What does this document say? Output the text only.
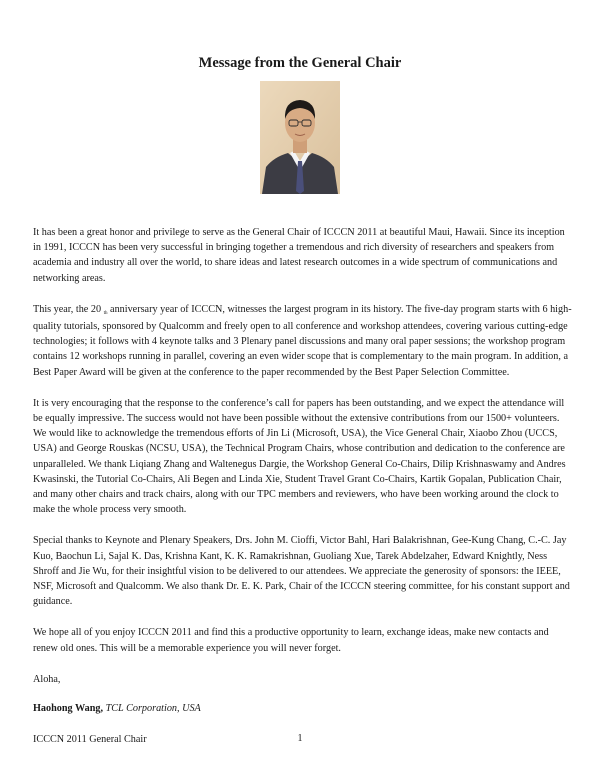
Message from the General Chair

It has been a great honor and privilege to serve as the General Chair of ICCCN 2011 at beautiful Maui, Hawaii. Since its inception in 1991, ICCCN has been very successful in bringing together a tremendous and rich diversity of researchers and speakers from academia and industry all over the world, to share ideas and latest research outcomes in a wide spectrum of communications and networking areas.

This year, the 20 $^{th}$ anniversary year of ICCCN, witnesses the largest program in its history. The five-day program starts with 6 high-quality tutorials, sponsored by Qualcomm and freely open to all conference and workshop attendees, covering various cutting-edge technologies; it follows with 4 keynote talks and 3 Plenary panel discussions and many oral paper sessions; the workshop program contains 12 workshops running in parallel, covering an even wider scope that is complementary to the main program. In addition, a Best Paper Award will be given at the conference to the paper recommended by the Best Paper Selection Committee.

It is very encouraging that the response to the conference’s call for papers has been outstanding, and we expect the attendance will be equally impressive. The success would not have been possible without the extensive contributions from our 1500+ volunteers. We would like to acknowledge the tremendous efforts of Jin Li (Microsoft, USA), the Vice General Chair, Xiaobo Zhou (UCCS, USA) and George Rouskas (NCSU, USA), the Technical Program Chairs, whose contribution and dedication to the conference are unparalleled. We thank Liqiang Zhang and Waltenegus Dargie, the Workshop General Co-Chairs, Dilip Krishnaswamy and Andres Kwasinski, the Tutorial Co-Chairs, Ali Begen and Linda Xie, Student Travel Grant Co-Chairs, Kartik Gopalan, Publication Chair, and many other chairs and track chairs, along with our TPC members and reviewers, who have been working around the clock to make the whole process very smooth.

Special thanks to Keynote and Plenary Speakers, Drs. John M. Cioffi, Victor Bahl, Hari Balakrishnan, Gee-Kung Chang, C.-C. Jay Kuo, Baochun Li, Sajal K. Das, Krishna Kant, K. K. Ramakrishnan, Guoliang Xue, Tarek Abdelzaher, Edward Knightly, Ness Shroff and Jie Wu, for their insightful vision to be delivered to our attendees. We appreciate the generosity of sponsors: the IEEE, NSF, Microsoft and Qualcomm. We also thank Dr. E. K. Park, Chair of the ICCCN steering committee, for his constant support and guidance.

We hope all of you enjoy ICCCN 2011 and find this a productive opportunity to learn, exchange ideas, make new contacts and renew old ones. This will be a memorable experience you will never forget.

Aloha,

Haohong Wang, TCL Corporation, USA

ICCCN 2011 General Chair	1
